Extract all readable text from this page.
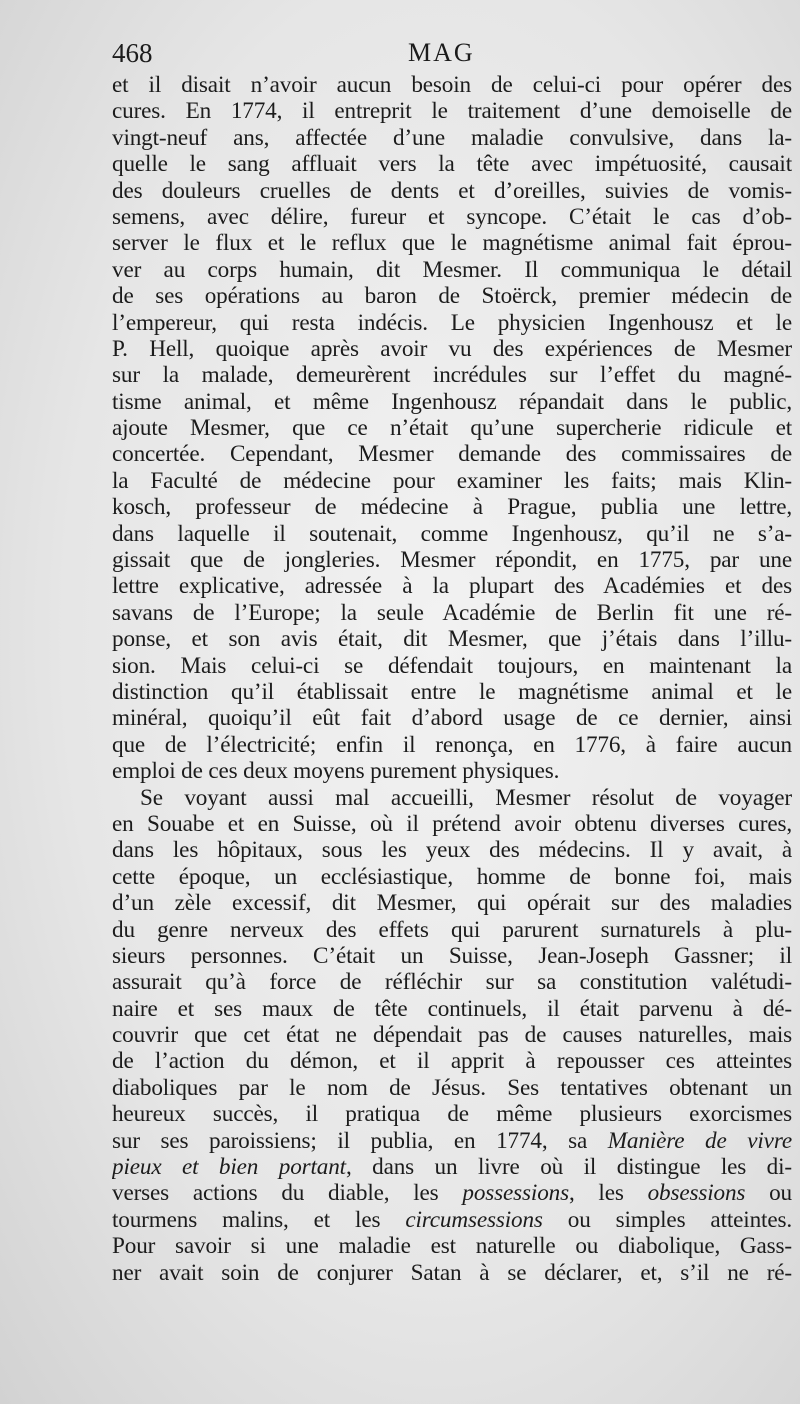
468	MAG
et il disait n’avoir aucun besoin de celui-ci pour opérer des
cures. En 1774, il entreprit le traitement d’une demoiselle de
vingt-neuf ans, affectée d’une maladie convulsive, dans la-
quelle le sang affluait vers la tête avec impétuosité, causait
des douleurs cruelles de dents et d’oreilles, suivies de vomis-
semens, avec délire, fureur et syncope. C’était le cas d’ob-
server le flux et le reflux que le magnétisme animal fait éprou-
ver au corps humain, dit Mesmer. Il communiqua le détail
de ses opérations au baron de Stoërck, premier médecin de
l’empereur, qui resta indécis. Le physicien Ingenhousz et le
P. Hell, quoique après avoir vu des expériences de Mesmer
sur la malade, demeurèrent incrédules sur l’effet du magné-
tisme animal, et même Ingenhousz répandait dans le public,
ajoute Mesmer, que ce n’était qu’une supercherie ridicule et
concertée. Cependant, Mesmer demande des commissaires de
la Faculté de médecine pour examiner les faits; mais Klin-
kosch, professeur de médecine à Prague, publia une lettre,
dans laquelle il soutenait, comme Ingenhousz, qu’il ne s’a-
gissait que de jongleries. Mesmer répondit, en 1775, par une
lettre explicative, adressée à la plupart des Académies et des
savans de l’Europe; la seule Académie de Berlin fit une ré-
ponse, et son avis était, dit Mesmer, que j’étais dans l’illu-
sion. Mais celui-ci se défendait toujours, en maintenant la
distinction qu’il établissait entre le magnétisme animal et le
minéral, quoiqu’il eût fait d’abord usage de ce dernier, ainsi
que de l’électricité; enfin il renonça, en 1776, à faire aucun
emploi de ces deux moyens purement physiques.
Se voyant aussi mal accueilli, Mesmer résolut de voyager
en Souabe et en Suisse, où il prétend avoir obtenu diverses cures,
dans les hôpitaux, sous les yeux des médecins. Il y avait, à
cette époque, un ecclésiastique, homme de bonne foi, mais
d’un zèle excessif, dit Mesmer, qui opérait sur des maladies
du genre nerveux des effets qui parurent surnaturels à plu-
sieurs personnes. C’était un Suisse, Jean-Joseph Gassner; il
assurait qu’à force de réfléchir sur sa constitution valétudi-
naire et ses maux de tête continuels, il était parvenu à dé-
couvrir que cet état ne dépendait pas de causes naturelles, mais
de l’action du démon, et il apprit à repousser ces atteintes
diaboliques par le nom de Jésus. Ses tentatives obtenant un
heureux succès, il pratiqua de même plusieurs exorcismes
sur ses paroissiens; il publia, en 1774, sa Manière de vivre
pieux et bien portant, dans un livre où il distingue les di-
verses actions du diable, les possessions, les obsessions ou
tourmens malins, et les circumsessions ou simples atteintes.
Pour savoir si une maladie est naturelle ou diabolique, Gass-
ner avait soin de conjurer Satan à se déclarer, et, s’il ne ré-
